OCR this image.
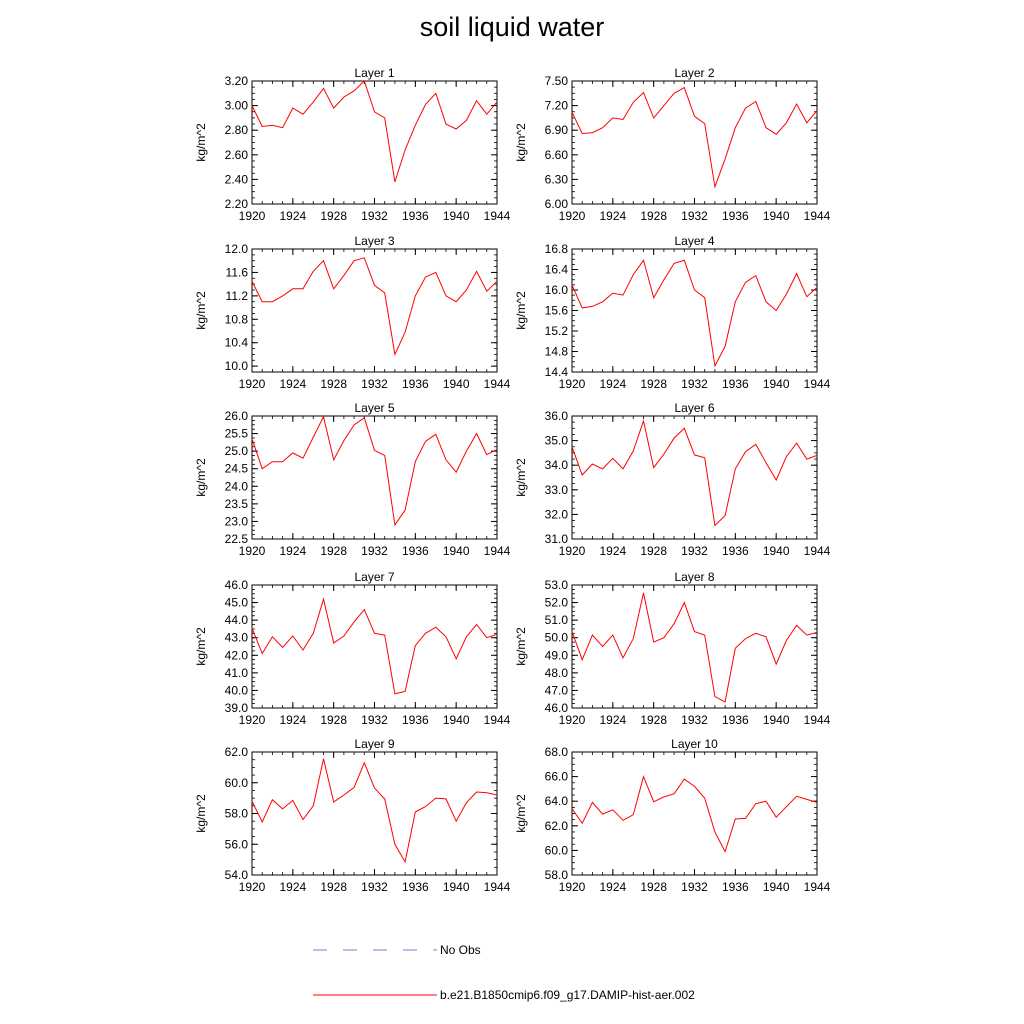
soil liquid water
1920 1924 1928 1932 1936 1940 1944
2.20
2.40
2.60
2.80
3.00
3.20
Layer 1
kg/m^2
1920 1924 1928 1932 1936 1940 1944
6.00
6.30
6.60
6.90
7.20
7.50
Layer 2
kg/m^2
1920 1924 1928 1932 1936 1940 1944
10.0
10.4
10.8
11.2
11.6
12.0
Layer 3
kg/m^2
1920 1924 1928 1932 1936 1940 1944
14.4
14.8
15.2
15.6
16.0
16.4
16.8
Layer 4
kg/m^2
1920 1924 1928 1932 1936 1940 1944
22.5
23.0
23.5
24.0
24.5
25.0
25.5
26.0
Layer 5
kg/m^2
1920 1924 1928 1932 1936 1940 1944
31.0
32.0
33.0
34.0
35.0
36.0
Layer 6
kg/m^2
1920 1924 1928 1932 1936 1940 1944
39.0
40.0
41.0
42.0
43.0
44.0
45.0
46.0
Layer 7
kg/m^2
1920 1924 1928 1932 1936 1940 1944
46.0
47.0
48.0
49.0
50.0
51.0
52.0
53.0
Layer 8
kg/m^2
1920 1924 1928 1932 1936 1940 1944
54.0
56.0
58.0
60.0
62.0
Layer 9
kg/m^2
1920 1924 1928 1932 1936 1940 1944
58.0
60.0
62.0
64.0
66.0
68.0
Layer 10
kg/m^2
No Obs
b.e21.B1850cmip6.f09_g17.DAMIP-hist-aer.002
